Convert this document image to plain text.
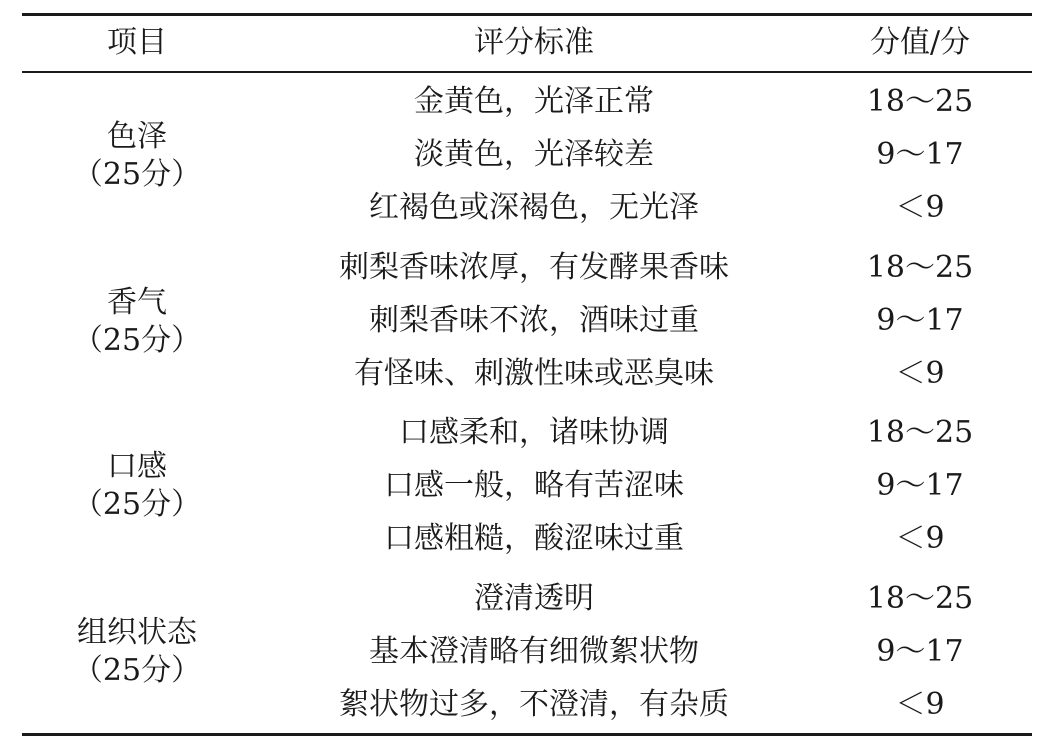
项目	评分标准	分值/分
色泽
（25分）
金黄色，光泽正常	18～25
淡黄色，光泽较差	9～17
红褐色或深褐色，无光泽	＜9
香气
（25分）
刺梨香味浓厚，有发酵果香味	18～25
刺梨香味不浓，酒味过重	9～17
有怪味、刺激性味或恶臭味	＜9
口感
（25分）
口感柔和，诸味协调	18～25
口感一般，略有苦涩味	9～17
口感粗糙，酸涩味过重	＜9
组织状态
（25分）
澄清透明	18～25
基本澄清略有细微絮状物	9～17
絮状物过多，不澄清，有杂质	＜9
